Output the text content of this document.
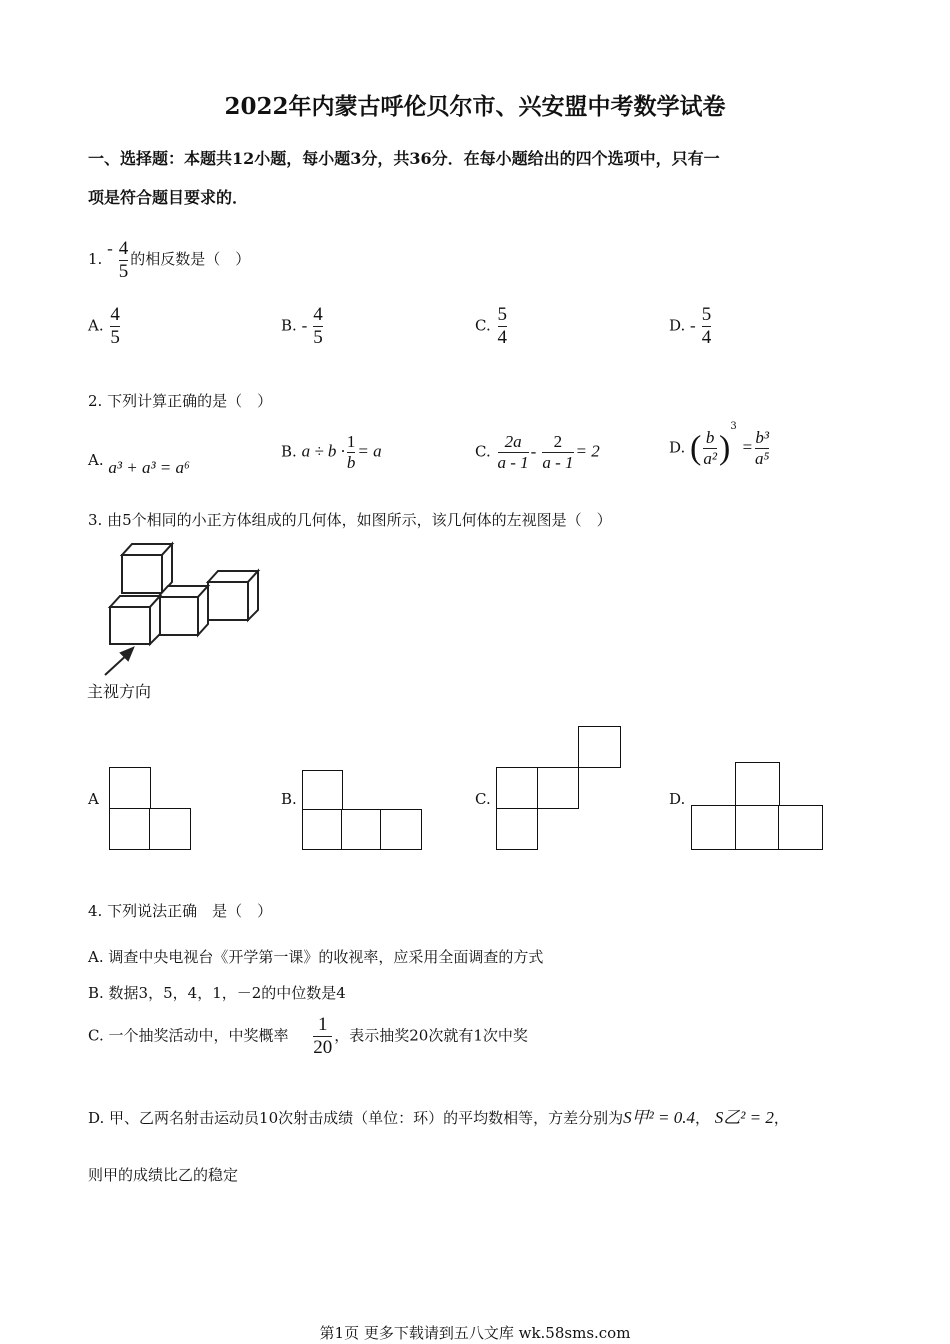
2022年内蒙古呼伦贝尔市、兴安盟中考数学试卷
一、选择题：本题共12小题，每小题3分，共36分．在每小题给出的四个选项中，只有一
项是符合题目要求的．
1. - $\frac{4}{5}$ 的相反数是（　）
A. $\frac{4}{5}$	B. - $\frac{4}{5}$	C. $\frac{5}{4}$	D. - $\frac{5}{4}$
2. 下列计算正确的是（　）
A. a³ + a³ = a⁶
B. $a \div b \cdot \frac{1}{b} = a$	C. $\frac{2a}{a - 1} - \frac{2}{a - 1} = 2$	D. ( $\frac{b}{\text{a²}} )^3 = \frac{\text{b³}}{\text{a⁵}}$
3. 由5个相同的小正方体组成的几何体，如图所示，该几何体的左视图是（　）
主视方向
A	B.	C.	D.
4. 下列说法正确　是（　）
A. 调查中央电视台《开学第一课》的收视率，应采用全面调查的方式
B. 数据3，5，4，1，－2的中位数是4
C. 一个抽奖活动中，中奖概率 $\frac{1}{20}$ ，表示抽奖20次就有1次中奖
D. 甲、乙两名射击运动员10次射击成绩（单位：环）的平均数相等，方差分别为S甲² = 0.4， S乙² = 2，
则甲的成绩比乙的稳定
第1页 更多下载请到五八文库 wk.58sms.com
